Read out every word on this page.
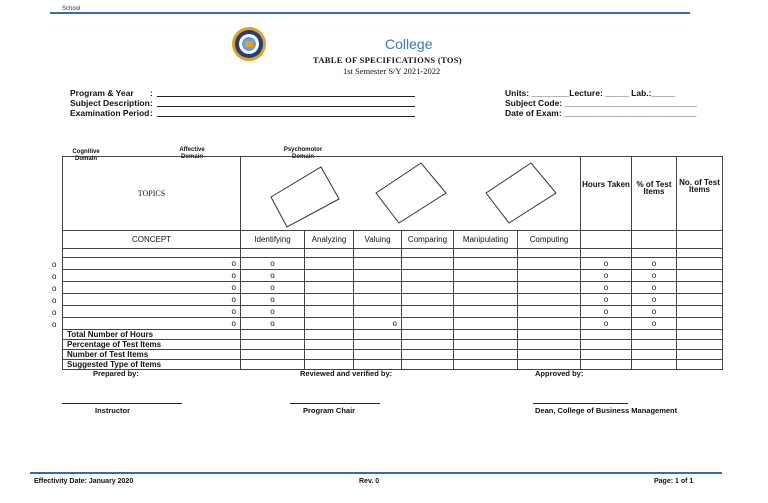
School
College
TABLE OF SPECIFICATIONS (TOS)
1st Semester S/Y 2021-2022
Program & Year :
Subject Description :
Examination Period :
Units: ________Lecture: _____ Lab.:_____
Subject Code: ____________________________
Date of Exam: ____________________________
Cognitive Domain
Affective Domain
Psychomotor Domain
o
o
o
o
o
o
TOPICS							Hours Taken	% of Test Items	No. of Test Items
CONCEPT	Identifying	Analyzing	Valuing	Comparing	Manipulating	Computing			

o	o						o	o	
o	o						o	o	
o	o						o	o	
o	o						o	o	
o	o						o	o	
o	o		o				o	o	
Total Number of Hours									
Percentage of Test Items									
Number of Test Items									
Suggested Type of Items									
Prepared by:	Reviewed and verified by:	Approved by:
Instructor	Program Chair	Dean, College of Business Management
Effectivity Date: January 2020	Rev. 0	Page: 1 of 1
